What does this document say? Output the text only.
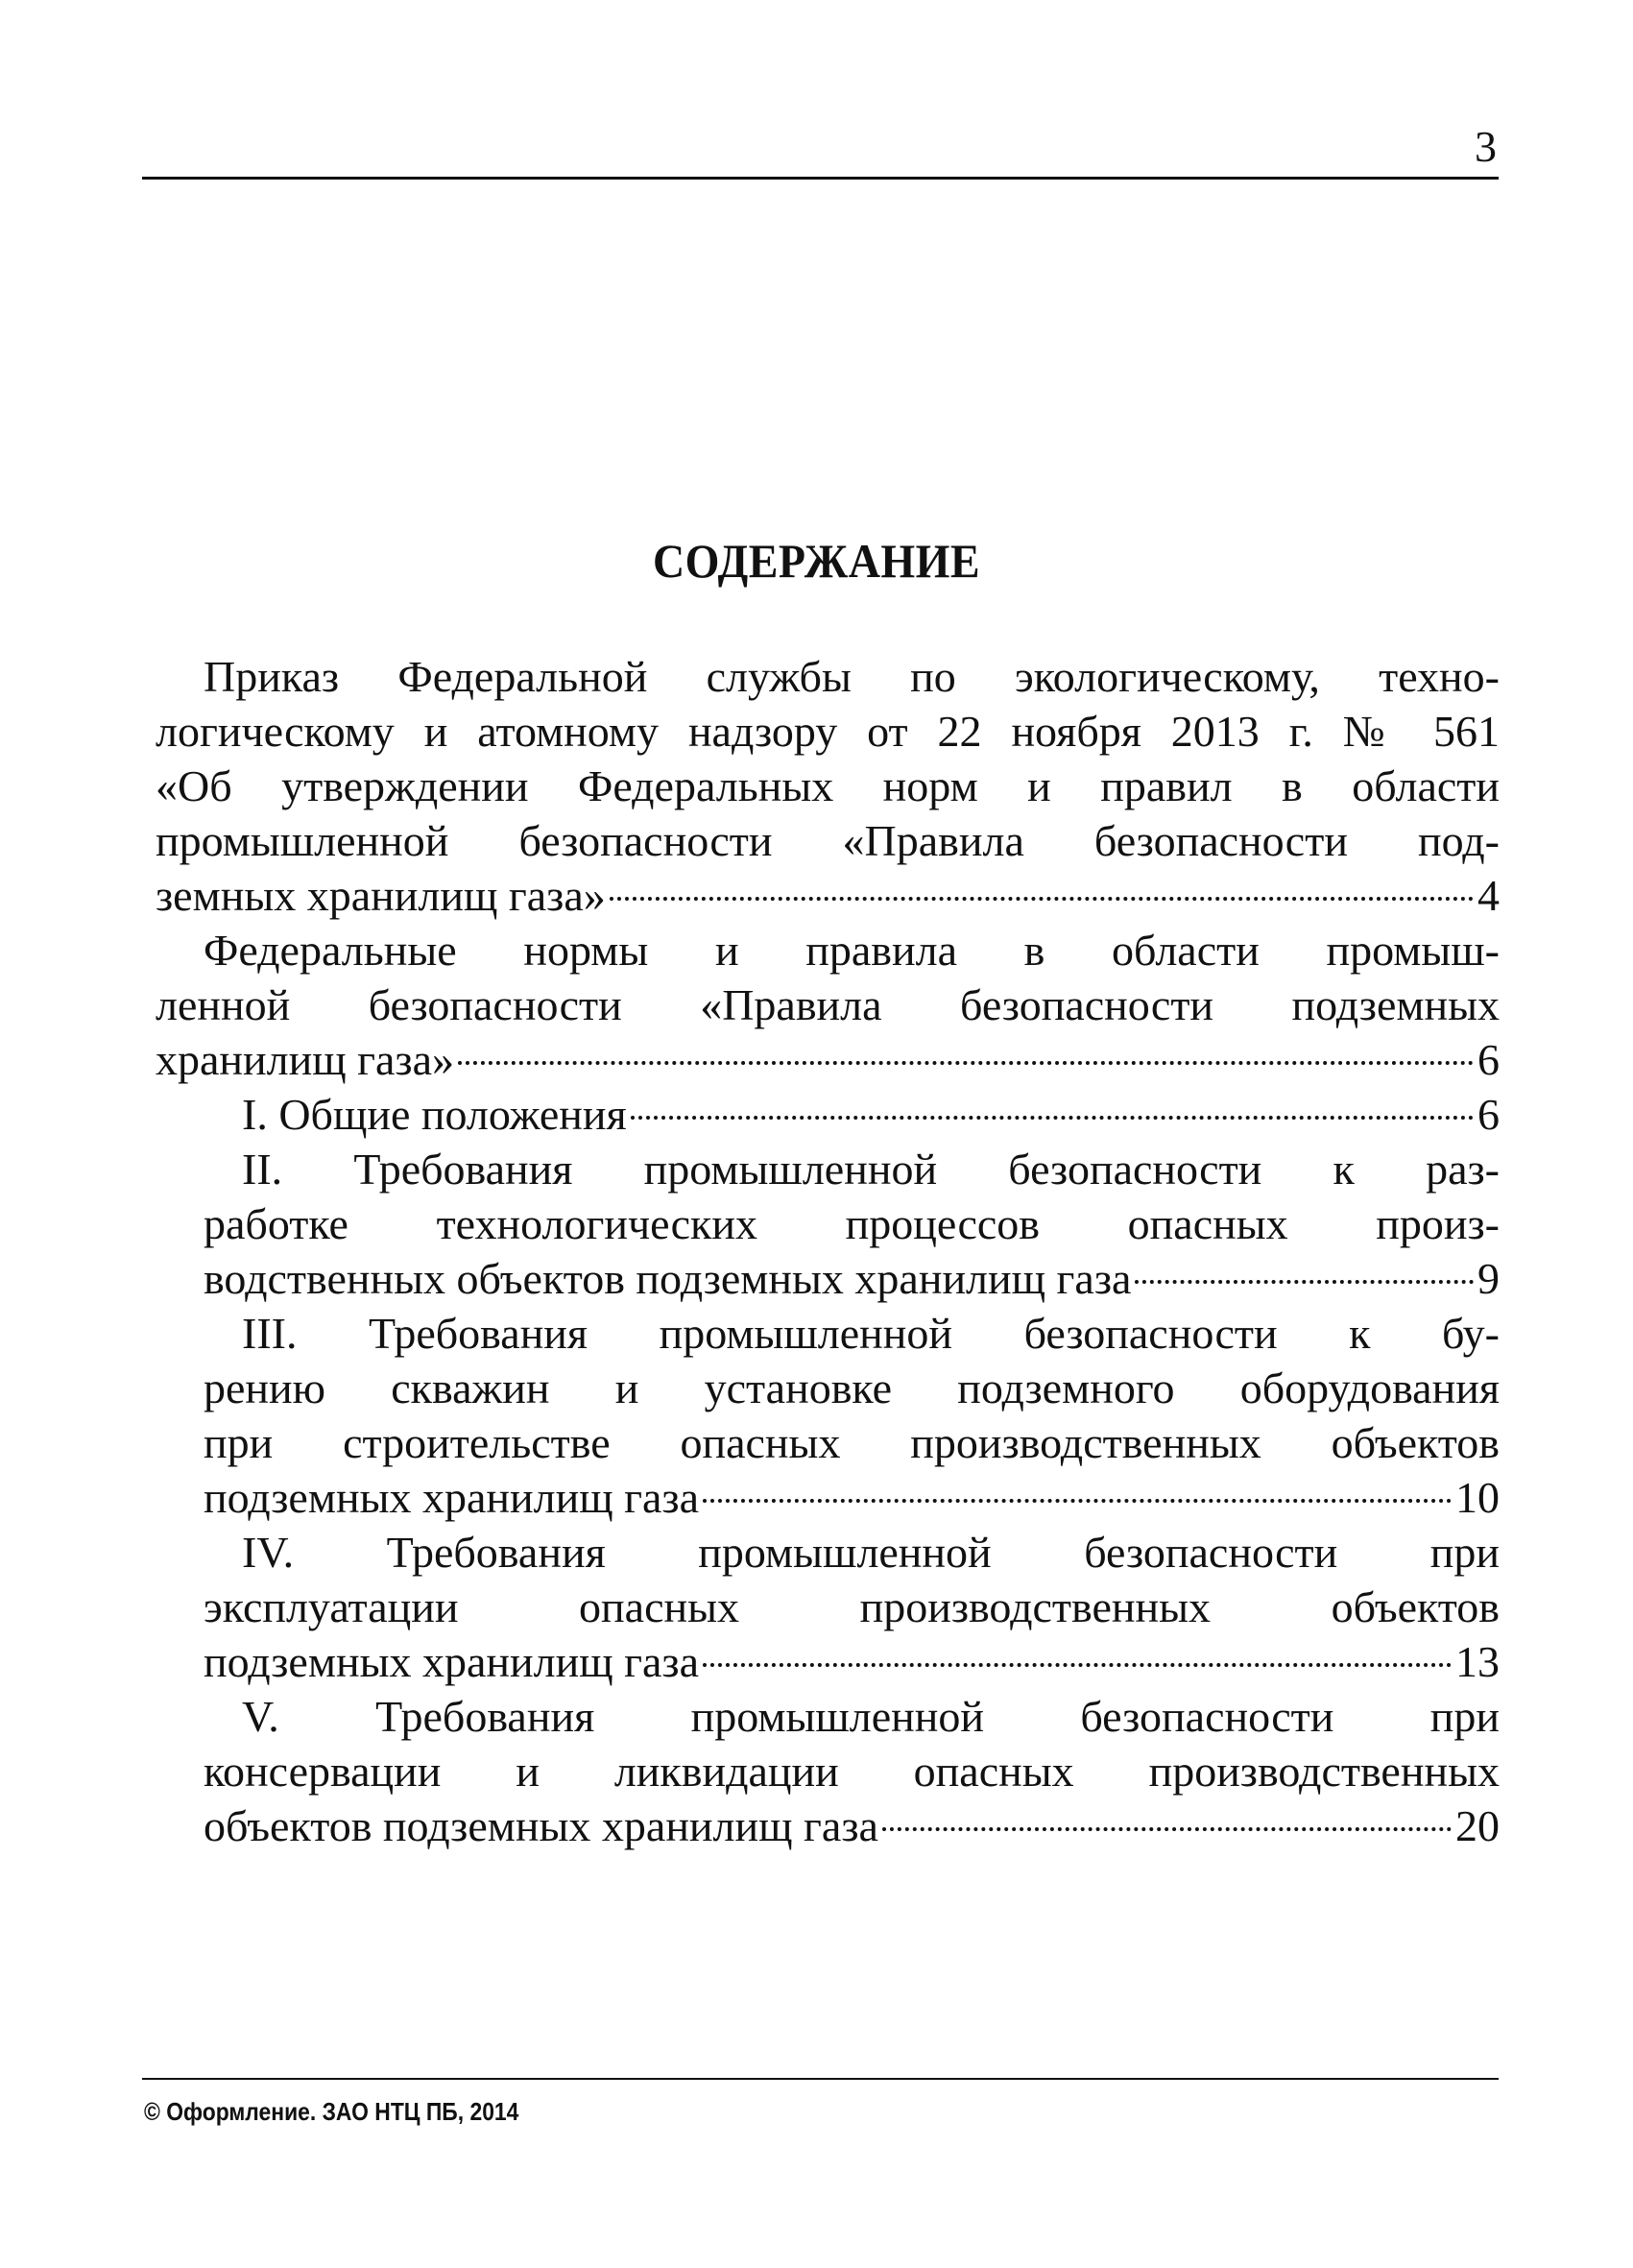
3
СОДЕРЖАНИЕ
Приказ Федеральной службы по экологическому, техно-
логическому и атомному надзору от 22 ноября 2013 г. № 561
«Об утверждении Федеральных норм и правил в области
промышленной безопасности «Правила безопасности под-
земных хранилищ газа»	4
Федеральные нормы и правила в области промыш-
ленной безопасности «Правила безопасности подземных
хранилищ газа»	6
I. Общие положения	6
II. Требования промышленной безопасности к раз-
работке технологических процессов опасных произ-
водственных объектов подземных хранилищ газа	9
III. Требования промышленной безопасности к бу-
рению скважин и установке подземного оборудования
при строительстве опасных производственных объектов
подземных хранилищ газа	10
IV. Требования промышленной безопасности при
эксплуатации опасных производственных объектов
подземных хранилищ газа	13
V. Требования промышленной безопасности при
консервации и ликвидации опасных производственных
объектов подземных хранилищ газа	20
© Оформление. ЗАО НТЦ ПБ, 2014
